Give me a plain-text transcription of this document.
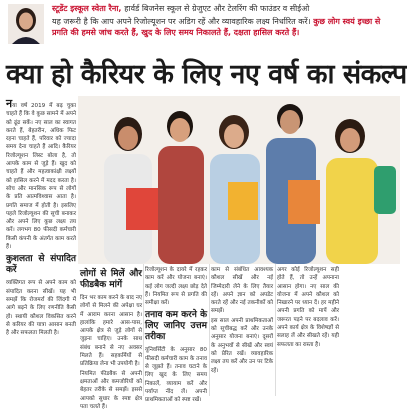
स्टूडेंट इस्कूल स्वेता रैना, हार्वर्ड बिजनेस स्कूल से ग्रेजुएट और टेलरिंग की फाउंडर व सीईओ
यह जरूरी है कि आप अपने रिजोल्यूशन पर अडिग रहें और व्यावहारिक लक्ष्य निर्धारित करें। कुछ लोग स्वयं इच्छा से प्रगति की हमसे जांच करते हैं, खुद के लिए समय निकालते हैं, दक्षता हासिल करते हैं।
क्या हो कैरियर के लिए नए वर्ष का संकल्प

नया वर्ष 2019 में बढ़ चुका चाहते हैं कि वे कुछ सामने में अपने को ढूंढ सकें। नए साल का स्वागत करते हैं, बेहतरीन, अधिक फिट रहना चाहते हैं, परिवार को ज्यादा समय देना चाहते हैं आदि। कैरियर रिजोल्यूशन लिस्ट बोला है, तो आपके काम से जुड़े हैं। खुद को चाहते हैं और महत्वाकांक्षी लक्ष्यों को हासिल करने में मदद करता है। सोच और मानसिक रूप से लोगों के प्रति आत्मविश्वास आता है। प्रगति समाज में होती है। इसलिए पहले रिजोल्यूशन की सूची बनाकर और अपने लिए कुछ लक्ष्य तय करें। लगभग 80 फीसदी कर्मचारी किसी कंपनी के अंतर्गत काम करते हैं।

कुशलता से संपादित करें

व्यक्तिगत रूप से अपने काम को संपादित करना सीखें। यह भी समझें कि रोजमर्रा की जिंदगी में आगे बढ़ने के लिए रणनीति कैसी हो। स्थायी कौशल विकसित करने से करियर की यात्रा आसान बनती है और सफलता मिलती है।

लोगों से मिलें और फीडबैक मांगें

दिन भर काम करने के बाद नए लोगों से मिलने की अपेक्षा घर में आराम करना आसान है। हालांकि हमारे आस-पास, आपके क्षेत्र से जुड़े लोगों से जुड़ना चाहिए। उनके साथ संबंध बनाने से नए अवसर मिलते हैं। सहकर्मियों से प्रतिक्रिया लेना भी उपयोगी है।

नियमित फीडबैक से अपनी क्षमताओं और कमजोरियों को बेहतर तरीके से समझें। इससे आपको सुधार के स्पष्ट क्षेत्र पता चलते हैं।

रिजोल्यूशन के दायरे में रहकर काम करें और योजना बनाएं। कई लोग जल्दी लक्ष्य छोड़ देते हैं। नियमित रूप से प्रगति की समीक्षा करें।

तनाव कम करने के लिए जानिए उत्तम तरीका

यूनिवर्सिटी के अनुसार 80 फीसदी कर्मचारी काम के तनाव से जूझते हैं। तनाव घटाने के लिए खुद के लिए समय निकालें, व्यायाम करें और पर्याप्त नींद लें। अपनी प्राथमिकताओं को स्पष्ट रखें।

काम से संबंधित आवश्यक कौशल सीखें और नई जिम्मेदारी लेने के लिए तैयार रहें। अपने ज्ञान को अपडेट करते रहें और नई तकनीकों को समझें।

इस साल अपनी प्राथमिकताओं को सूचीबद्ध करें और उनके अनुसार योजना बनाएं। दूसरों के अनुभवों से सीखें और स्वयं को प्रेरित रखें। व्यावहारिक लक्ष्य तय करें और उन पर टिके रहें।

अगर कोई रिजोल्यूशन सही होते हैं, तो उन्हें अपनाना आसान होगा। नए साल की योजना में अपने कौशल को निखारने पर ध्यान दें। हर महीने अपनी प्रगति को मापें और जरूरत पड़ने पर बदलाव करें। अपने कार्य क्षेत्र के विशेषज्ञों से सलाह लें और सीखते रहें। यही सफलता का रास्ता है।
